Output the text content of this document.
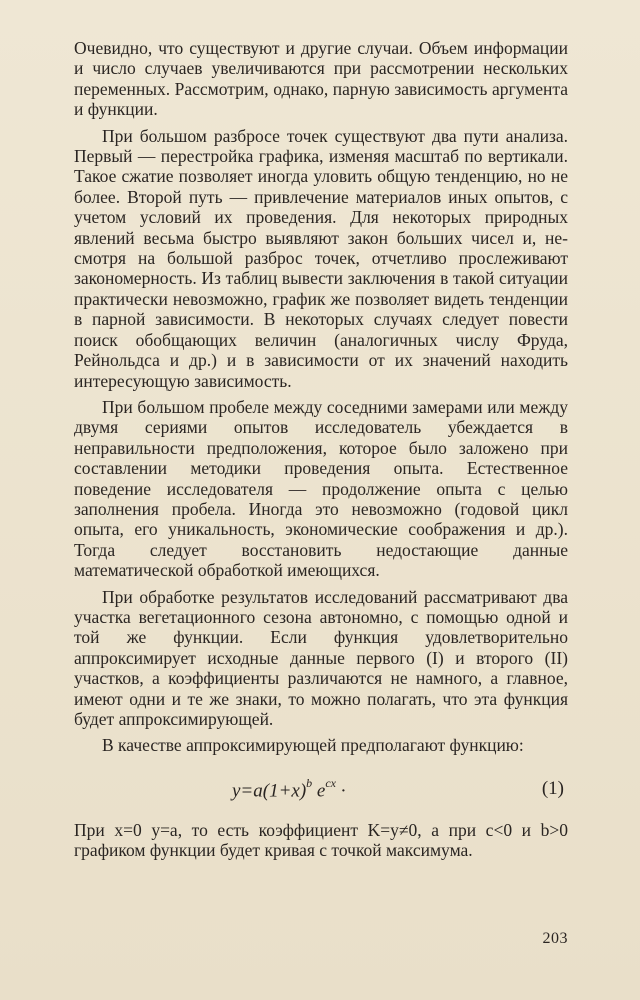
Очевидно, что существуют и другие случаи. Объем информации и число случаев увеличиваются при рассмотрении нескольких переменных. Рассмотрим, однако, парную зависимость аргумента и функции.

При большом разбросе точек существуют два пути анализа. Первый — перестройка графика, изменяя масштаб по вертикали. Такое сжатие позволяет иногда уловить общую тенденцию, но не более. Второй путь — привлечение материалов иных опытов, с учетом условий их проведения. Для некоторых природных явлений весьма быстро выявляют закон больших чисел и, несмотря на большой разброс точек, отчетливо прослеживают закономерность. Из таблиц вывести заключения в такой ситуации практически невозможно, график же позволяет видеть тенденции в парной зависимости. В некоторых случаях следует повести поиск обобщающих величин (аналогичных числу Фруда, Рейнольдса и др.) и в зависимости от их значений находить интересующую зависимость.

При большом пробеле между соседними замерами или между двумя сериями опытов исследователь убеждается в неправильности предположения, которое было заложено при составлении методики проведения опыта. Естественное поведение исследователя — продолжение опыта с целью заполнения пробела. Иногда это невозможно (годовой цикл опыта, его уникальность, экономические соображения и др.). Тогда следует восстановить недостающие данные математической обработкой имеющихся.

При обработке результатов исследований рассматривают два участка вегетационного сезона автономно, с помощью одной и той же функции. Если функция удовлетворительно аппроксимирует исходные данные первого (I) и второго (II) участков, а коэффициенты различаются не намного, а главное, имеют одни и те же знаки, то можно полагать, что эта функция будет аппроксимирующей.

В качестве аппроксимирующей предполагают функцию:

$y=a(1+x)^b$ $e^{cx}$ ·	(1)

При x=0 y=a, то есть коэффициент K=y≠0, а при c<0 и b>0 графиком функции будет кривая с точкой максимума.

203
